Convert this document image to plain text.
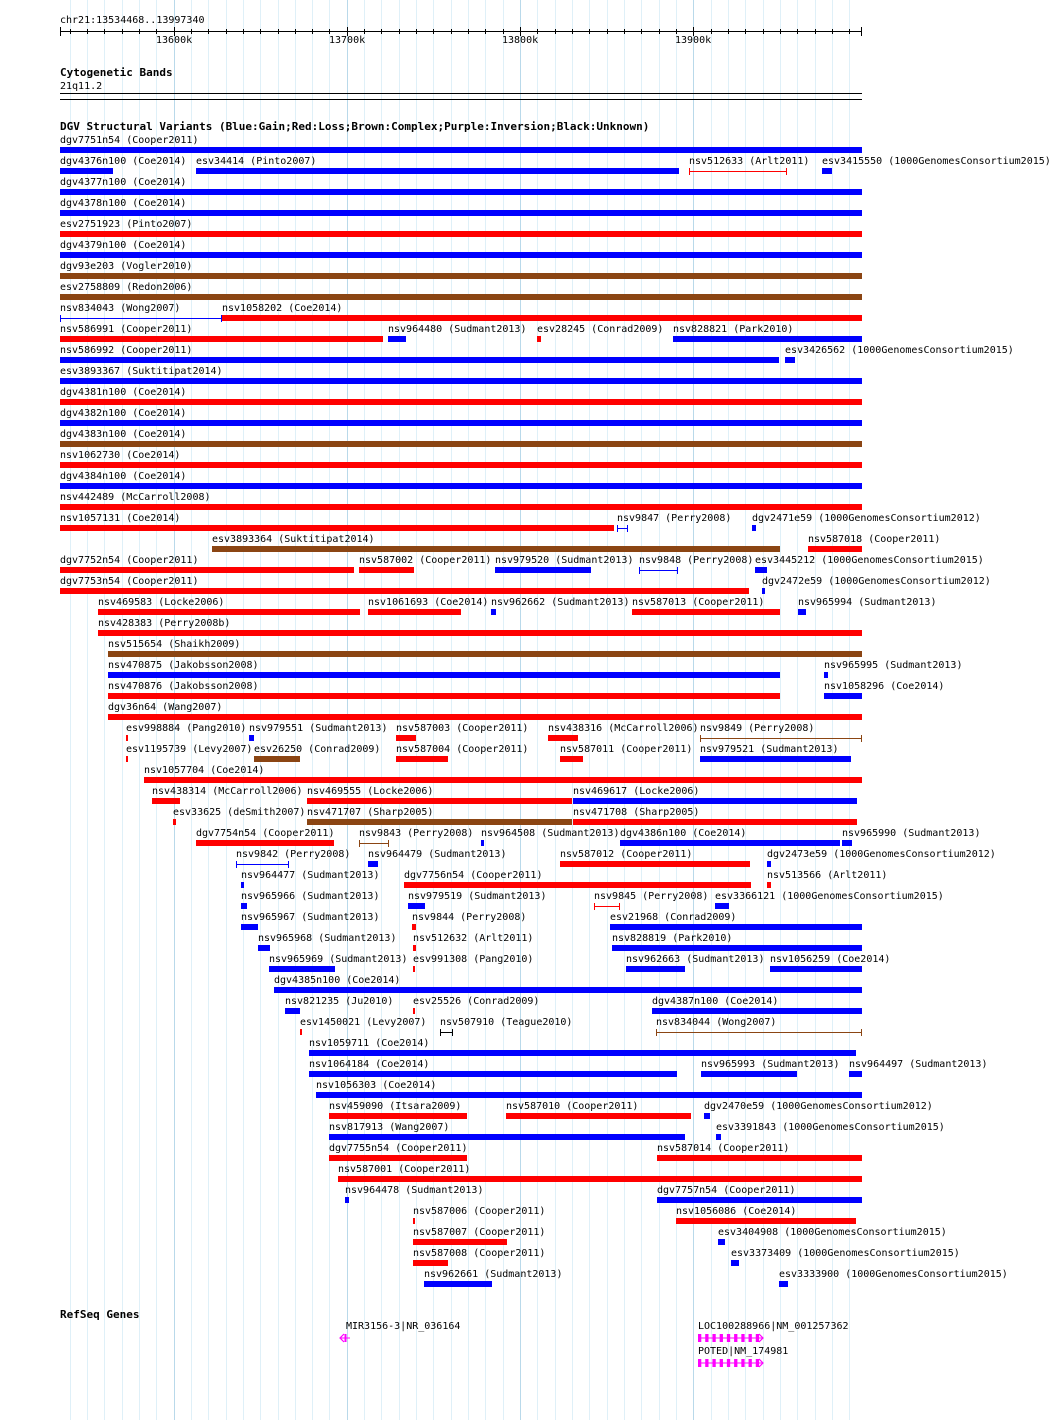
chr21:13534468..13997340
13600k	13700k	13800k	13900k
Cytogenetic Bands
21q11.2
DGV Structural Variants (Blue:Gain;Red:Loss;Brown:Complex;Purple:Inversion;Black:Unknown)
dgv7751n54 (Cooper2011)
dgv4376n100 (Coe2014) esv34414 (Pinto2007)	nsv512633 (Arlt2011) esv3415550 (1000GenomesConsortium2015)
dgv4377n100 (Coe2014)
dgv4378n100 (Coe2014)
esv2751923 (Pinto2007)
dgv4379n100 (Coe2014)
dgv93e203 (Vogler2010)
esv2758809 (Redon2006)
nsv834043 (Wong2007)	nsv1058202 (Coe2014)
nsv586991 (Cooper2011)	nsv964480 (Sudmant2013) esv28245 (Conrad2009) nsv828821 (Park2010)
nsv586992 (Cooper2011)	esv3426562 (1000GenomesConsortium2015)
esv3893367 (Suktitipat2014)
dgv4381n100 (Coe2014)
dgv4382n100 (Coe2014)
dgv4383n100 (Coe2014)
nsv1062730 (Coe2014)
dgv4384n100 (Coe2014)
nsv442489 (McCarroll2008)
nsv1057131 (Coe2014)	nsv9847 (Perry2008) dgv2471e59 (1000GenomesConsortium2012)
esv3893364 (Suktitipat2014)	nsv587018 (Cooper2011)
dgv7752n54 (Cooper2011)	nsv587002 (Cooper2011) nsv979520 (Sudmant2013) nsv9848 (Perry2008) esv3445212 (1000GenomesConsortium2015)
dgv7753n54 (Cooper2011)	dgv2472e59 (1000GenomesConsortium2012)
nsv469583 (Locke2006)	nsv1061693 (Coe2014) nsv962662 (Sudmant2013) nsv587013 (Cooper2011)	nsv965994 (Sudmant2013)
nsv428383 (Perry2008b)
nsv515654 (Shaikh2009)
nsv470875 (Jakobsson2008)	nsv965995 (Sudmant2013)
nsv470876 (Jakobsson2008)	nsv1058296 (Coe2014)
dgv36n64 (Wang2007)
esv998884 (Pang2010) nsv979551 (Sudmant2013) nsv587003 (Cooper2011) nsv438316 (McCarroll2006) nsv9849 (Perry2008)
esv1195739 (Levy2007) esv26250 (Conrad2009) nsv587004 (Cooper2011)	nsv587011 (Cooper2011) nsv979521 (Sudmant2013)
nsv1057704 (Coe2014)
nsv438314 (McCarroll2006) nsv469555 (Locke2006)	nsv469617 (Locke2006)
esv33625 (deSmith2007) nsv471707 (Sharp2005)	nsv471708 (Sharp2005)
dgv7754n54 (Cooper2011) nsv9843 (Perry2008) nsv964508 (Sudmant2013) dgv4386n100 (Coe2014)	nsv965990 (Sudmant2013)
nsv9842 (Perry2008) nsv964479 (Sudmant2013)	nsv587012 (Cooper2011)	dgv2473e59 (1000GenomesConsortium2012)
nsv964477 (Sudmant2013) dgv7756n54 (Cooper2011)	nsv513566 (Arlt2011)
nsv965966 (Sudmant2013)	nsv979519 (Sudmant2013)	nsv9845 (Perry2008) esv3366121 (1000GenomesConsortium2015)
nsv965967 (Sudmant2013)	nsv9844 (Perry2008)	esv21968 (Conrad2009)
nsv965968 (Sudmant2013) nsv512632 (Arlt2011)	nsv828819 (Park2010)
nsv965969 (Sudmant2013) esv991308 (Pang2010)	nsv962663 (Sudmant2013) nsv1056259 (Coe2014)
dgv4385n100 (Coe2014)
nsv821235 (Ju2010) esv25526 (Conrad2009)	dgv4387n100 (Coe2014)
esv1450021 (Levy2007) nsv507910 (Teague2010)	nsv834044 (Wong2007)
nsv1059711 (Coe2014)
nsv1064184 (Coe2014)	nsv965993 (Sudmant2013) nsv964497 (Sudmant2013)
nsv1056303 (Coe2014)
nsv459090 (Itsara2009)	nsv587010 (Cooper2011)	dgv2470e59 (1000GenomesConsortium2012)
nsv817913 (Wang2007)	esv3391843 (1000GenomesConsortium2015)
dgv7755n54 (Cooper2011)	nsv587014 (Cooper2011)
nsv587001 (Cooper2011)
nsv964478 (Sudmant2013)	dgv7757n54 (Cooper2011)
nsv587006 (Cooper2011)	nsv1056086 (Coe2014)
nsv587007 (Cooper2011)	esv3404908 (1000GenomesConsortium2015)
nsv587008 (Cooper2011)	esv3373409 (1000GenomesConsortium2015)
nsv962661 (Sudmant2013)	esv3333900 (1000GenomesConsortium2015)
RefSeq Genes
MIR3156-3|NR_036164	LOC100288966|NM_001257362
POTED|NM_174981
